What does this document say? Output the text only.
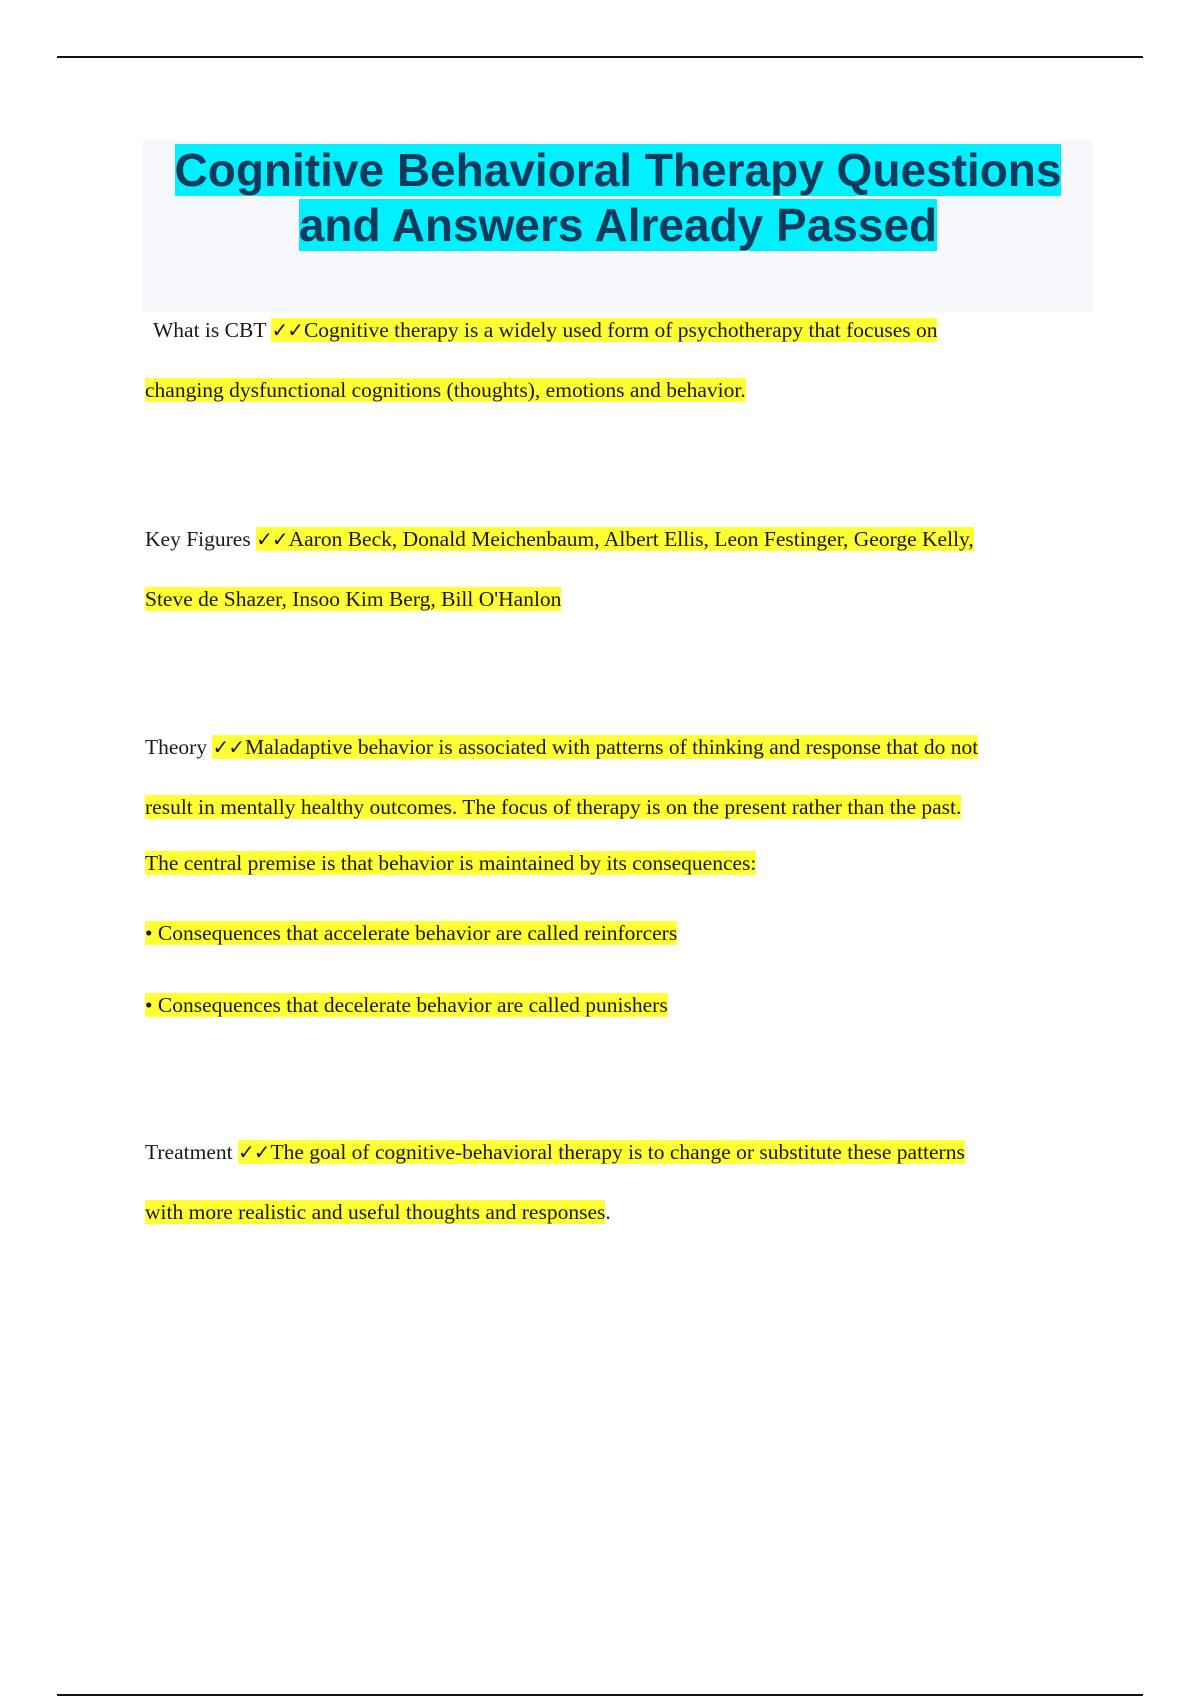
Cognitive Behavioral Therapy Questions
and Answers Already Passed
What is CBT ✓✓Cognitive therapy is a widely used form of psychotherapy that focuses on
changing dysfunctional cognitions (thoughts), emotions and behavior.
Key Figures ✓✓Aaron Beck, Donald Meichenbaum, Albert Ellis, Leon Festinger, George Kelly,
Steve de Shazer, Insoo Kim Berg, Bill O'Hanlon
Theory ✓✓Maladaptive behavior is associated with patterns of thinking and response that do not
result in mentally healthy outcomes. The focus of therapy is on the present rather than the past.
The central premise is that behavior is maintained by its consequences:
• Consequences that accelerate behavior are called reinforcers
• Consequences that decelerate behavior are called punishers
Treatment ✓✓The goal of cognitive-behavioral therapy is to change or substitute these patterns
with more realistic and useful thoughts and responses.
